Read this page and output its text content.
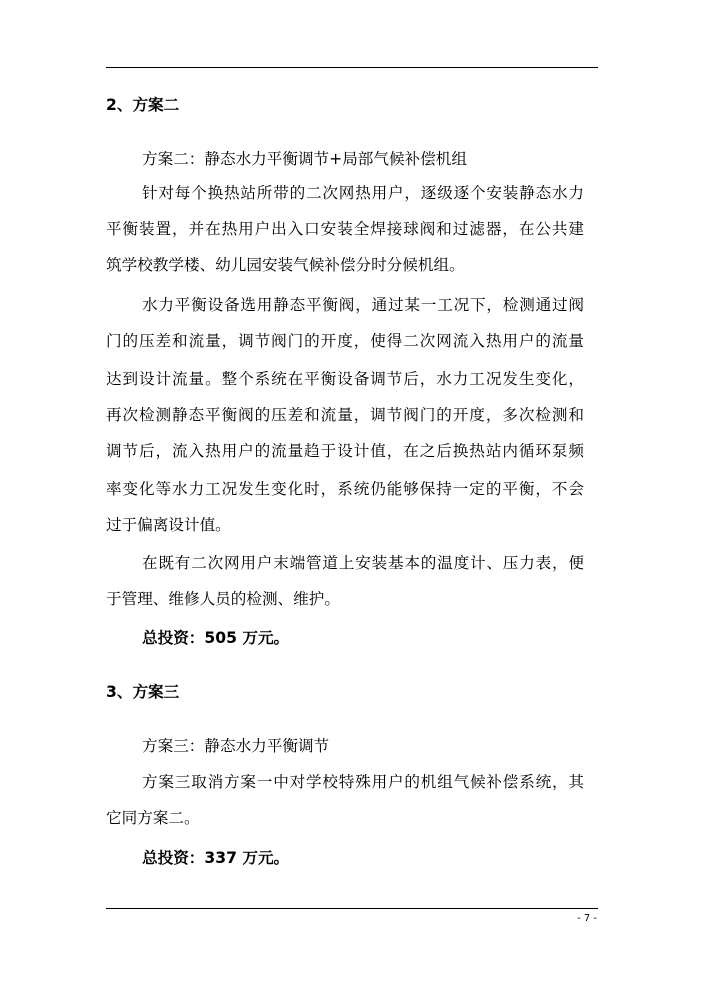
2、方案二
方案二：静态水力平衡调节+局部气候补偿机组
针对每个换热站所带的二次网热用户，逐级逐个安装静态水力
平衡装置，并在热用户出入口安装全焊接球阀和过滤器，在公共建
筑学校教学楼、幼儿园安装气候补偿分时分候机组。
水力平衡设备选用静态平衡阀，通过某一工况下，检测通过阀
门的压差和流量，调节阀门的开度，使得二次网流入热用户的流量
达到设计流量。整个系统在平衡设备调节后，水力工况发生变化，
再次检测静态平衡阀的压差和流量，调节阀门的开度，多次检测和
调节后，流入热用户的流量趋于设计值，在之后换热站内循环泵频
率变化等水力工况发生变化时，系统仍能够保持一定的平衡，不会
过于偏离设计值。
在既有二次网用户末端管道上安装基本的温度计、压力表，便
于管理、维修人员的检测、维护。
总投资：505 万元。
3、方案三
方案三：静态水力平衡调节
方案三取消方案一中对学校特殊用户的机组气候补偿系统，其
它同方案二。
总投资：337 万元。
- 7 -
